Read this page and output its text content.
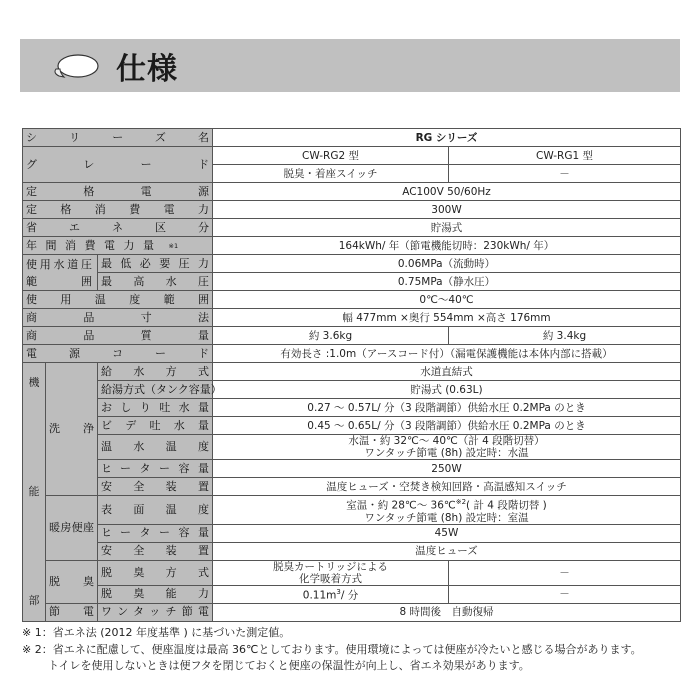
仕様
シリーズ名			RG シリーズ	
グレード			CW-RG2 型	CW-RG1 型
			脱臭・着座スイッチ	－
定格電源			AC100V 50/60Hz	
定格消費電力			300W	
省エネ区分			貯湯式	
年間消費電力量 $^{※1}$			164kWh/ 年（節電機能切時：230kWh/ 年）	
使用水道圧範囲		最低必要圧力	0.06MPa（流動時）	
		最高水圧	0.75MPa（静水圧）	
使用温度範囲			0℃～40℃	
商品寸法			幅 477mm ×奥行 554mm ×高さ 176mm	
商品質量			約 3.6kg	約 3.4kg
電源コード			有効長さ :1.0m（アースコード付）（漏電保護機能は本体内部に搭載）	

機
能
部	洗浄	給水方式	水道直結式	
		給湯方式（タンク容量）	貯湯式 (0.63L)	
		おしり吐水量	0.27 ～ 0.57L/ 分（3 段階調節）供給水圧 0.2MPa のとき	
		ビデ吐水量	0.45 ～ 0.65L/ 分（3 段階調節）供給水圧 0.2MPa のとき	
		温水温度	水温・約 32℃～ 40℃（計 4 段階切替）
ワンタッチ節電 (8h) 設定時：水温	

		ヒーター容量	250W	
		安全装置	温度ヒューズ・空焚き検知回路・高温感知スイッチ	
	暖房便座	表面温度	室温・約 28℃～ 36℃$^{※2}$( 計 4 段階切替 )
ワンタッチ節電 (8h) 設定時：室温	

		ヒーター容量	45W	
		安全装置	温度ヒューズ	
	脱臭	脱臭方式	脱臭カートリッジによる
化学吸着方式	－
		脱臭能力	$0.11m^3/$ 分	－
	節電	ワンタッチ節電	8 時間後　自動復帰	
※ 1：省エネ法 (2012 年度基準 ) に基づいた測定値。
※ 2：省エネに配慮して、便座温度は最高 36℃としております。使用環境によっては便座が冷たいと感じる場合があります。
トイレを使用しないときは便フタを閉じておくと便座の保温性が向上し、省エネ効果があります。
